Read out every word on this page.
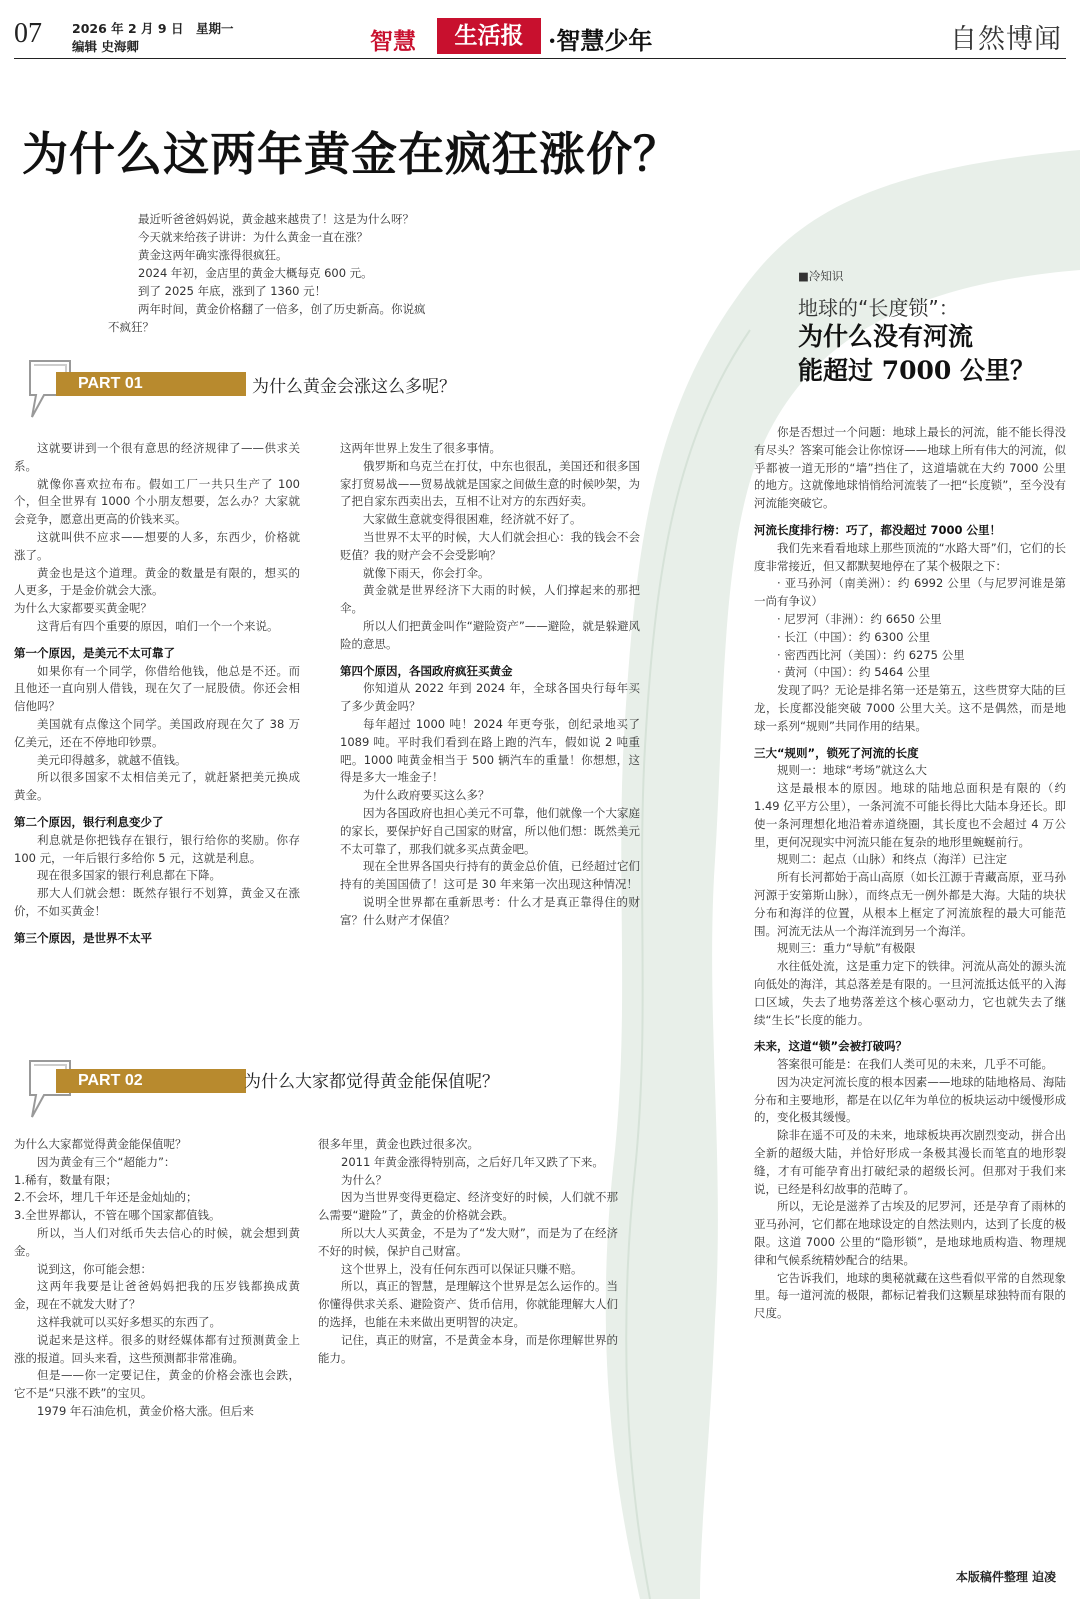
07 2026 年 2 月 9 日　星期一
编辑 史海卿	智慧	生活报	·智慧少年	自然博闻
为什么这两年黄金在疯狂涨价？
最近听爸爸妈妈说，黄金越来越贵了！这是为什么呀？
今天就来给孩子讲讲：为什么黄金一直在涨？
黄金这两年确实涨得很疯狂。
2024 年初，金店里的黄金大概每克 600 元。
到了 2025 年底，涨到了 1360 元！
两年时间，黄金价格翻了一倍多，创了历史新高。你说疯
不疯狂？
PART 01	为什么黄金会涨这么多呢？
这就要讲到一个很有意思的经济规律了——供求关系。
就像你喜欢拉布布。假如工厂一共只生产了 100 个，但全世界有 1000 个小朋友想要，怎么办？大家就会竞争，愿意出更高的价钱来买。
这就叫供不应求——想要的人多，东西少，价格就涨了。
黄金也是这个道理。黄金的数量是有限的，想买的人更多，于是金价就会大涨。
为什么大家都要买黄金呢？
这背后有四个重要的原因，咱们一个一个来说。
第一个原因，是美元不太可靠了
如果你有一个同学，你借给他钱，他总是不还。而且他还一直向别人借钱，现在欠了一屁股债。你还会相信他吗？
美国就有点像这个同学。美国政府现在欠了 38 万亿美元，还在不停地印钞票。
美元印得越多，就越不值钱。
所以很多国家不太相信美元了，就赶紧把美元换成黄金。
第二个原因，银行利息变少了
利息就是你把钱存在银行，银行给你的奖励。你存 100 元，一年后银行多给你 5 元，这就是利息。
现在很多国家的银行利息都在下降。
那大人们就会想：既然存银行不划算，黄金又在涨价，不如买黄金！
第三个原因，是世界不太平
这两年世界上发生了很多事情。
俄罗斯和乌克兰在打仗，中东也很乱，美国还和很多国家打贸易战——贸易战就是国家之间做生意的时候吵架，为了把自家东西卖出去，互相不让对方的东西好卖。
大家做生意就变得很困难，经济就不好了。
当世界不太平的时候，大人们就会担心：我的钱会不会贬值？我的财产会不会受影响？
就像下雨天，你会打伞。
黄金就是世界经济下大雨的时候，人们撑起来的那把伞。
所以人们把黄金叫作“避险资产”——避险，就是躲避风险的意思。
第四个原因，各国政府疯狂买黄金
你知道从 2022 年到 2024 年，全球各国央行每年买了多少黄金吗？
每年超过 1000 吨！2024 年更夸张，创纪录地买了 1089 吨。平时我们看到在路上跑的汽车，假如说 2 吨重吧。1000 吨黄金相当于 500 辆汽车的重量！你想想，这得是多大一堆金子！
为什么政府要买这么多？
因为各国政府也担心美元不可靠，他们就像一个大家庭的家长，要保护好自己国家的财富，所以他们想：既然美元不太可靠了，那我们就多买点黄金吧。
现在全世界各国央行持有的黄金总价值，已经超过它们持有的美国国债了！这可是 30 年来第一次出现这种情况！
说明全世界都在重新思考：什么才是真正靠得住的财富？什么财产才保值？
PART 02	为什么大家都觉得黄金能保值呢？
为什么大家都觉得黄金能保值呢？
因为黄金有三个“超能力”：
1.稀有，数量有限；
2.不会坏，埋几千年还是金灿灿的；
3.全世界都认，不管在哪个国家都值钱。
所以，当人们对纸币失去信心的时候，就会想到黄金。
说到这，你可能会想：
这两年我要是让爸爸妈妈把我的压岁钱都换成黄金，现在不就发大财了？
这样我就可以买好多想买的东西了。
说起来是这样。很多的财经媒体都有过预测黄金上涨的报道。回头来看，这些预测都非常准确。
但是——你一定要记住，黄金的价格会涨也会跌，它不是“只涨不跌”的宝贝。
1979 年石油危机，黄金价格大涨。但后来
很多年里，黄金也跌过很多次。
2011 年黄金涨得特别高，之后好几年又跌了下来。
为什么？
因为当世界变得更稳定、经济变好的时候，人们就不那么需要“避险”了，黄金的价格就会跌。
所以大人买黄金，不是为了“发大财”，而是为了在经济不好的时候，保护自己财富。
这个世界上，没有任何东西可以保证只赚不赔。
所以，真正的智慧，是理解这个世界是怎么运作的。当你懂得供求关系、避险资产、货币信用，你就能理解大人们的选择，也能在未来做出更明智的决定。
记住，真正的财富，不是黄金本身，而是你理解世界的能力。
■冷知识
地球的“长度锁”：
为什么没有河流
能超过 7000 公里？
你是否想过一个问题：地球上最长的河流，能不能长得没有尽头？答案可能会让你惊讶——地球上所有伟大的河流，似乎都被一道无形的“墙”挡住了，这道墙就在大约 7000 公里的地方。这就像地球悄悄给河流装了一把“长度锁”，至今没有河流能突破它。
河流长度排行榜：巧了，都没超过 7000 公里！
我们先来看看地球上那些顶流的“水路大哥”们，它们的长度非常接近，但又都默契地停在了某个极限之下：
· 亚马孙河（南美洲）：约 6992 公里（与尼罗河谁是第一尚有争议）
· 尼罗河（非洲）：约 6650 公里
· 长江（中国）：约 6300 公里
· 密西西比河（美国）：约 6275 公里
· 黄河（中国）：约 5464 公里
发现了吗？无论是排名第一还是第五，这些贯穿大陆的巨龙，长度都没能突破 7000 公里大关。这不是偶然，而是地球一系列“规则”共同作用的结果。
三大“规则”，锁死了河流的长度
规则一：地球“考场”就这么大
这是最根本的原因。地球的陆地总面积是有限的（约 1.49 亿平方公里），一条河流不可能长得比大陆本身还长。即使一条河理想化地沿着赤道绕圈，其长度也不会超过 4 万公里，更何况现实中河流只能在复杂的地形里蜿蜒前行。
规则二：起点（山脉）和终点（海洋）已注定
所有长河都始于高山高原（如长江源于青藏高原，亚马孙河源于安第斯山脉），而终点无一例外都是大海。大陆的块状分布和海洋的位置，从根本上框定了河流旅程的最大可能范围。河流无法从一个海洋流到另一个海洋。
规则三：重力“导航”有极限
水往低处流，这是重力定下的铁律。河流从高处的源头流向低处的海洋，其总落差是有限的。一旦河流抵达低平的入海口区域，失去了地势落差这个核心驱动力，它也就失去了继续“生长”长度的能力。
未来，这道“锁”会被打破吗？
答案很可能是：在我们人类可见的未来，几乎不可能。
因为决定河流长度的根本因素——地球的陆地格局、海陆分布和主要地形，都是在以亿年为单位的板块运动中缓慢形成的，变化极其缓慢。
除非在遥不可及的未来，地球板块再次剧烈变动，拼合出全新的超级大陆，并恰好形成一条极其漫长而笔直的地形裂缝，才有可能孕育出打破纪录的超级长河。但那对于我们来说，已经是科幻故事的范畴了。
所以，无论是滋养了古埃及的尼罗河，还是孕育了雨林的亚马孙河，它们都在地球设定的自然法则内，达到了长度的极限。这道 7000 公里的“隐形锁”，是地球地质构造、物理规律和气候系统精妙配合的结果。
它告诉我们，地球的奥秘就藏在这些看似平常的自然现象里。每一道河流的极限，都标记着我们这颗星球独特而有限的尺度。
本版稿件整理 迫凌
